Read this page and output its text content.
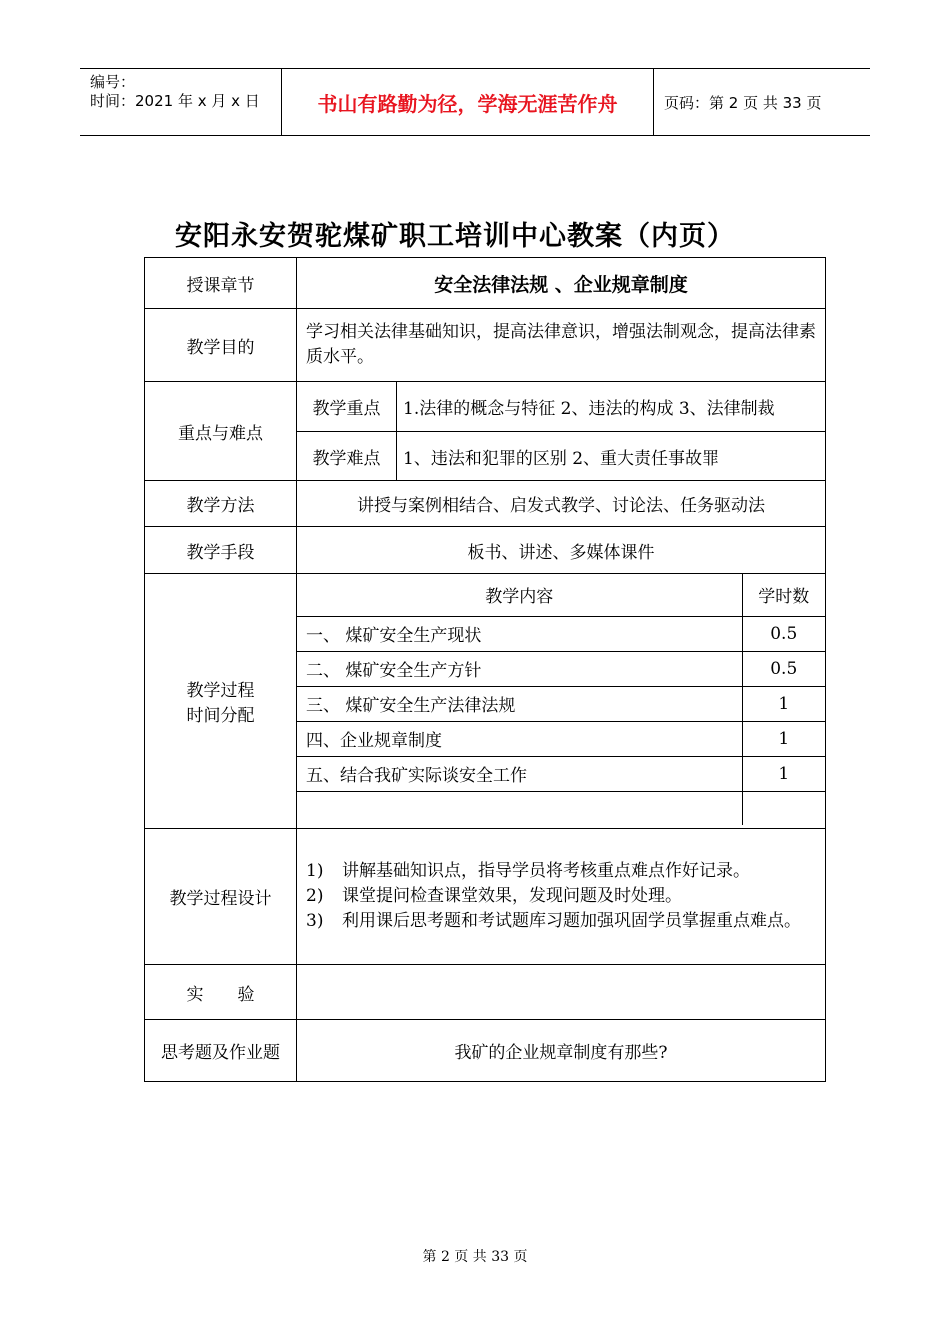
编号：
时间：2021 年 x 月 x 日	书山有路勤为径，学海无涯苦作舟	页码：第 2 页 共 33 页
安阳永安贺驼煤矿职工培训中心教案（内页）
授课章节	安全法律法规 、企业规章制度
教学目的	学习相关法律基础知识，提高法律意识，增强法制观念，提高法律素质水平。
重点与难点	教学重点	1.法律的概念与特征 2、违法的构成 3、法律制裁
教学难点	1、违法和犯罪的区别 2、重大责任事故罪
教学方法	讲授与案例相结合、启发式教学、讨论法、任务驱动法
教学手段	板书、讲述、多媒体课件

教学过程
时间分配

教学内容	学时数
一、 煤矿安全生产现状	0.5
二、 煤矿安全生产方针	0.5
三、 煤矿安全生产法律法规	1
四、企业规章制度	1
五、结合我矿实际谈安全工作	1

教学过程设计	
1)	讲解基础知识点，指导学员将考核重点难点作好记录。
2)	课堂提问检查课堂效果，发现问题及时处理。
3)	利用课后思考题和考试题库习题加强巩固学员掌握重点难点。

实　　验	
思考题及作业题	我矿的企业规章制度有那些?
第 2 页 共 33 页
